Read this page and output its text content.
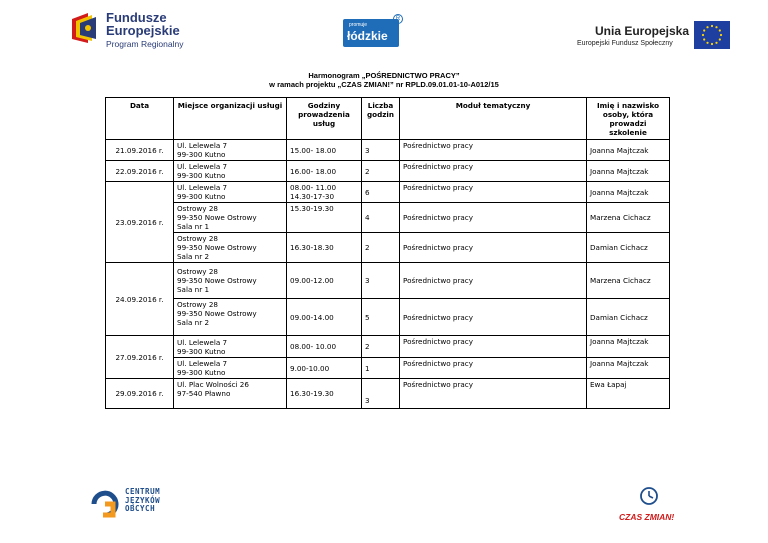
Fundusze
Europejskie
Program Regionalny
promuje
łódzkie
R
Unia Europejska
Europejski Fundusz Społeczny
Harmonogram „POŚREDNICTWO PRACY”
w ramach projektu „CZAS ZMIAN!” nr RPLD.09.01.01-10-A012/15
Data	Miejsce organizacji usługi	Godziny prowadzenia usług	Liczba godzin	Moduł tematyczny	Imię i nazwisko osoby, która prowadzi szkolenie
21.09.2016 r.	Ul. Lelewela 7
99-300 Kutno	15.00- 18.00	3	Pośrednictwo pracy	Joanna Majtczak
22.09.2016 r.	Ul. Lelewela 7
99-300 Kutno	16.00- 18.00	2	Pośrednictwo pracy	Joanna Majtczak
23.09.2016 r.	Ul. Lelewela 7
99-300 Kutno	08.00- 11.00
14.30-17-30	6	Pośrednictwo pracy	Joanna Majtczak
	Ostrowy 28
99-350 Nowe Ostrowy
Sala nr 1	15.30-19.30	4	Pośrednictwo pracy	Marzena Cichacz
	Ostrowy 28
99-350 Nowe Ostrowy
Sala nr 2	16.30-18.30	2	Pośrednictwo pracy	Damian Cichacz
24.09.2016 r.	Ostrowy 28
99-350 Nowe Ostrowy
Sala nr 1	09.00-12.00	3	Pośrednictwo pracy	Marzena Cichacz
	Ostrowy 28
99-350 Nowe Ostrowy
Sala nr 2	09.00-14.00	5	Pośrednictwo pracy	Damian Cichacz
27.09.2016 r.	Ul. Lelewela 7
99-300 Kutno	08.00- 10.00	2	Pośrednictwo pracy	Joanna Majtczak
	Ul. Lelewela 7
99-300 Kutno	9.00-10.00	1	Pośrednictwo pracy	Joanna Majtczak
29.09.2016 r.	Ul. Plac Wolności 26
97-540 Pławno	16.30-19.30	3	Pośrednictwo pracy	Ewa Łapaj
CENTRUM
JĘZYKÓW
OBCYCH
CZAS ZMIAN!
